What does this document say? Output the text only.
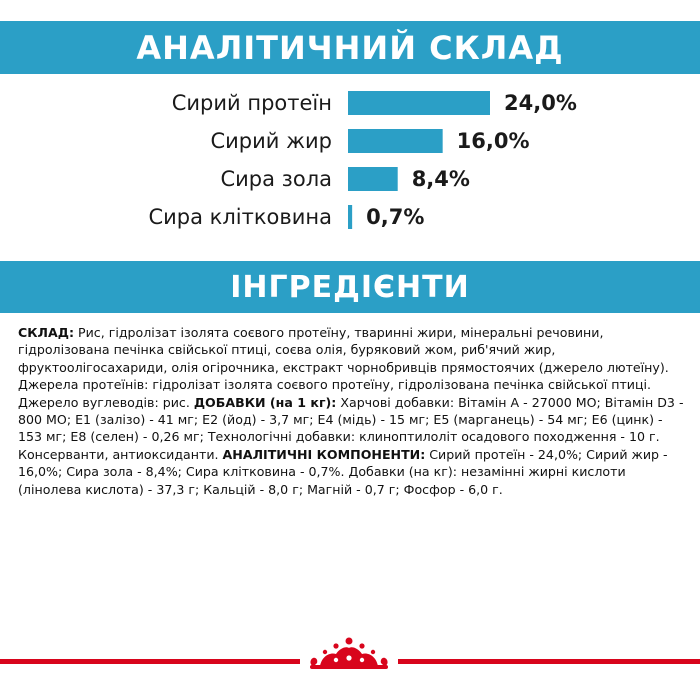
АНАЛІТИЧНИЙ СКЛАД
Сирий протеїн	24,0%
Сирий жир	16,0%
Сира зола	8,4%
Сира клітковина 0,7%
ІНГРЕДІЄНТИ
СКЛАД: Рис, гідролізат ізолята соєвого протеїну, тваринні жири, мінеральні речовини, гідролізована печінка свійської птиці, соєва олія, буряковий жом, риб'ячий жир, фруктоолігосахариди, олія огірочника, екстракт чорнобривців прямостоячих (джерело лютеїну). Джерела протеїнів: гідролізат ізолята соєвого протеїну, гідролізована печінка свійської птиці. Джерело вуглеводів: рис. ДОБАВКИ (на 1 кг): Харчові добавки: Вітамін А - 27000 МО; Вітамін D3 - 800 МО; Е1 (залізо) - 41 мг; Е2 (йод) - 3,7 мг; Е4 (мідь) - 15 мг; Е5 (марганець) - 54 мг; Е6 (цинк) - 153 мг; Е8 (селен) - 0,26 мг; Технологічні добавки: клиноптилоліт осадового походження - 10 г. Консерванти, антиоксиданти. АНАЛІТИЧНІ КОМПОНЕНТИ: Сирий протеїн - 24,0%; Сирий жир - 16,0%; Сира зола - 8,4%; Сира клітковина - 0,7%. Добавки (на кг): незамінні жирні кислоти (лінолева кислота) - 37,3 г; Кальцій - 8,0 г; Магній - 0,7 г; Фосфор - 6,0 г.
